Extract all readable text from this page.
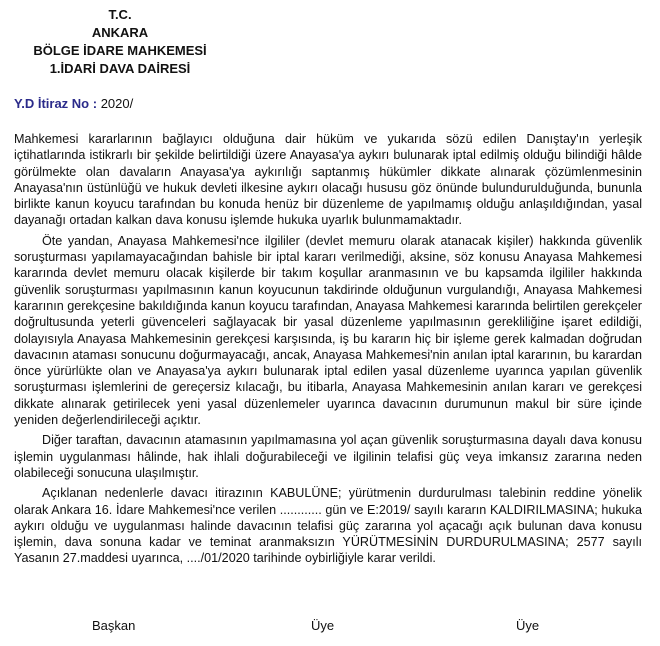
T.C.
ANKARA
BÖLGE İDARE MAHKEMESİ
1.İDARİ DAVA DAİRESİ
Y.D İtiraz No : 2020/

Mahkemesi kararlarının bağlayıcı olduğuna dair hüküm ve yukarıda sözü edilen Danıştay'ın yerleşik içtihatlarında istikrarlı bir şekilde belirtildiği üzere Anayasa'ya aykırı bulunarak iptal edilmiş olduğu bilindiği hâlde görülmekte olan davaların Anayasa'ya aykırılığı saptanmış hükümler dikkate alınarak çözümlenmesinin Anayasa'nın üstünlüğü ve hukuk devleti ilkesine aykırı olacağı hususu göz önünde bulundurulduğunda, bununla birlikte kanun koyucu tarafından bu konuda henüz bir düzenleme de yapılmamış olduğu anlaşıldığından, yasal dayanağı ortadan kalkan dava konusu işlemde hukuka uyarlık bulunmamaktadır.

Öte yandan, Anayasa Mahkemesi'nce ilgililer (devlet memuru olarak atanacak kişiler) hakkında güvenlik soruşturması yapılamayacağından bahisle bir iptal kararı verilmediği, aksine, söz konusu Anayasa Mahkemesi kararında devlet memuru olacak kişilerde bir takım koşullar aranmasının ve bu kapsamda ilgililer hakkında güvenlik soruşturması yapılmasının kanun koyucunun takdirinde olduğunun vurgulandığı, Anayasa Mahkemesi kararının gerekçesine bakıldığında kanun koyucu tarafından, Anayasa Mahkemesi kararında belirtilen gerekçeler doğrultusunda yeterli güvenceleri sağlayacak bir yasal düzenleme yapılmasının gerekliliğine işaret edildiği, dolayısıyla Anayasa Mahkemesinin gerekçesi karşısında, iş bu kararın hiç bir işleme gerek kalmadan doğrudan davacının ataması sonucunu doğurmayacağı, ancak, Anayasa Mahkemesi'nin anılan iptal kararının, bu karardan önce yürürlükte olan ve Anayasa'ya aykırı bulunarak iptal edilen yasal düzenleme uyarınca yapılan güvenlik soruşturması işlemlerini de gereçersiz kılacağı, bu itibarla, Anayasa Mahkemesinin anılan kararı ve gerekçesi dikkate alınarak getirilecek yeni yasal düzenlemeler uyarınca davacının durumunun makul bir süre içinde yeniden değerlendirileceği açıktır.

Diğer taraftan, davacının atamasının yapılmamasına yol açan güvenlik soruşturmasına dayalı dava konusu işlemin uygulanması hâlinde, hak ihlali doğurabileceği ve ilgilinin telafisi güç veya imkansız zararına neden olabileceği sonucuna ulaşılmıştır.

Açıklanan nedenlerle davacı itirazının KABULÜNE; yürütmenin durdurulması talebinin reddine yönelik olarak Ankara 16. İdare Mahkemesi'nce verilen ............ gün ve E:2019/ sayılı kararın KALDIRILMASINA; hukuka aykırı olduğu ve uygulanması halinde davacının telafisi güç zararına yol açacağı açık bulunan dava konusu işlemin, dava sonuna kadar ve teminat aranmaksızın YÜRÜTMESİNİN DURDURULMASINA; 2577 sayılı Yasanın 27.maddesi uyarınca, ..../01/2020 tarihinde oybirliğiyle karar verildi.

Başkan	Üye	Üye
